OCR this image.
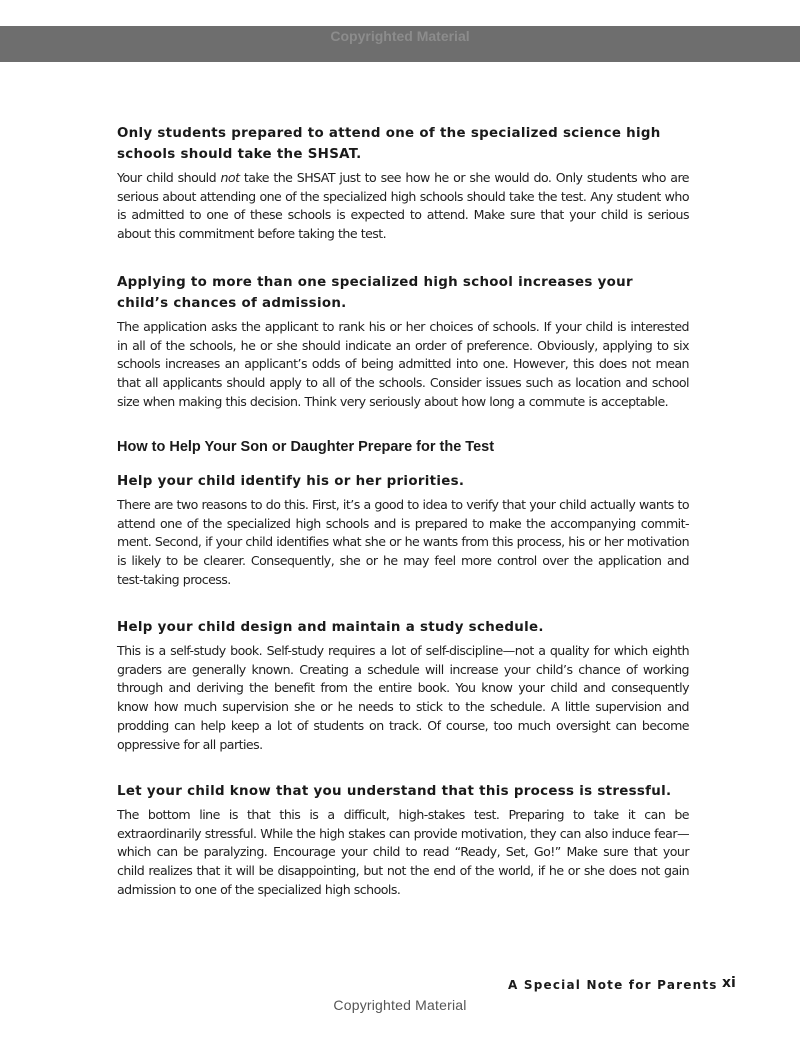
Copyrighted Material
Only students prepared to attend one of the specialized science high schools should take the SHSAT.

Your child should not take the SHSAT just to see how he or she would do. Only students who are serious about attending one of the specialized high schools should take the test. Any student who is admitted to one of these schools is expected to attend. Make sure that your child is serious about this commitment before taking the test.

Applying to more than one specialized high school increases your child’s chances of admission.

The application asks the applicant to rank his or her choices of schools. If your child is interested in all of the schools, he or she should indicate an order of preference. Obviously, applying to six schools increases an applicant’s odds of being admitted into one. However, this does not mean that all applicants should apply to all of the schools. Consider issues such as location and school size when making this decision. Think very seriously about how long a commute is acceptable.

How to Help Your Son or Daughter Prepare for the Test
Help your child identify his or her priorities.

There are two reasons to do this. First, it’s a good to idea to verify that your child actually wants to attend one of the specialized high schools and is prepared to make the accompanying commit-ment. Second, if your child identifies what she or he wants from this process, his or her motivation is likely to be clearer. Consequently, she or he may feel more control over the application and test-taking process.

Help your child design and maintain a study schedule.

This is a self-study book. Self-study requires a lot of self-discipline—not a quality for which eighth graders are generally known. Creating a schedule will increase your child’s chance of working through and deriving the benefit from the entire book. You know your child and consequently know how much supervision she or he needs to stick to the schedule. A little supervision and prodding can help keep a lot of students on track. Of course, too much oversight can become oppressive for all parties.

Let your child know that you understand that this process is stressful.

The bottom line is that this is a difficult, high-stakes test. Preparing to take it can be extraordinarily stressful. While the high stakes can provide motivation, they can also induce fear—which can be paralyzing. Encourage your child to read “Ready, Set, Go!” Make sure that your child realizes that it will be disappointing, but not the end of the world, if he or she does not gain admission to one of the specialized high schools.

A Special Note for Parents xi
Copyrighted Material
